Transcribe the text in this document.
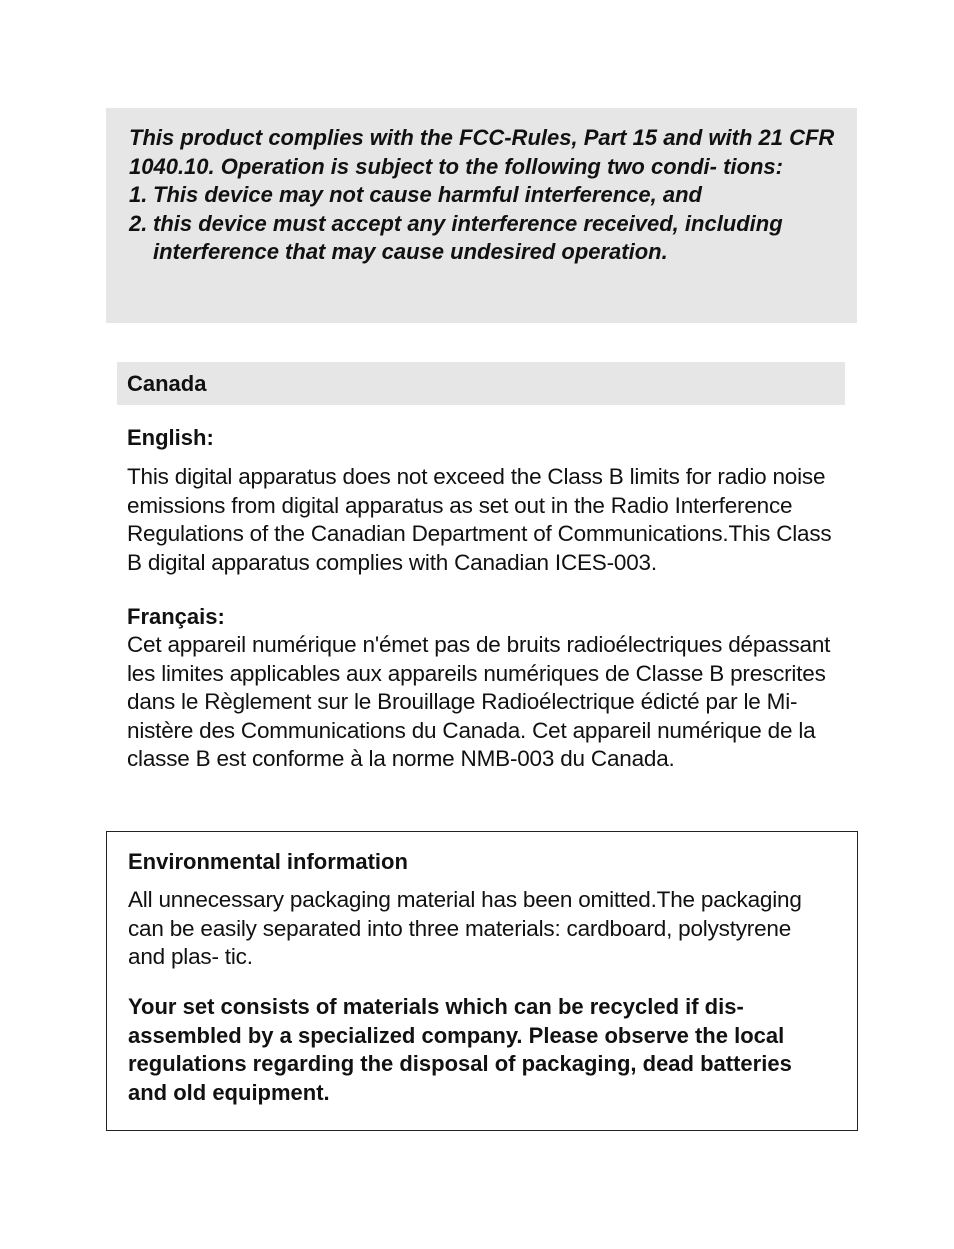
This product complies with the FCC-Rules, Part 15 and with 21 CFR 1040.10. Operation is subject to the following two condi- tions:

1. This device may not cause harmful interference, and
2. this device must accept any interference received, including interference that may cause undesired operation.
Canada
English:

This digital apparatus does not exceed the Class B limits for radio noise emissions from digital apparatus as set out in the Radio Interference Regulations of the Canadian Department of Communications.This Class B digital apparatus complies with Canadian ICES-003.

Français:

Cet appareil numérique n'émet pas de bruits radioélectriques dépassant les limites applicables aux appareils numériques de Classe B prescrites dans le Règlement sur le Brouillage Radioélectrique édicté par le Mi- nistère des Communications du Canada. Cet appareil numérique de la classe B est conforme à la norme NMB-003 du Canada.

Environmental information

All unnecessary packaging material has been omitted.The packaging can be easily separated into three materials: cardboard, polystyrene and plas- tic.

Your set consists of materials which can be recycled if dis- assembled by a specialized company. Please observe the local regulations regarding the disposal of packaging, dead batteries and old equipment.
